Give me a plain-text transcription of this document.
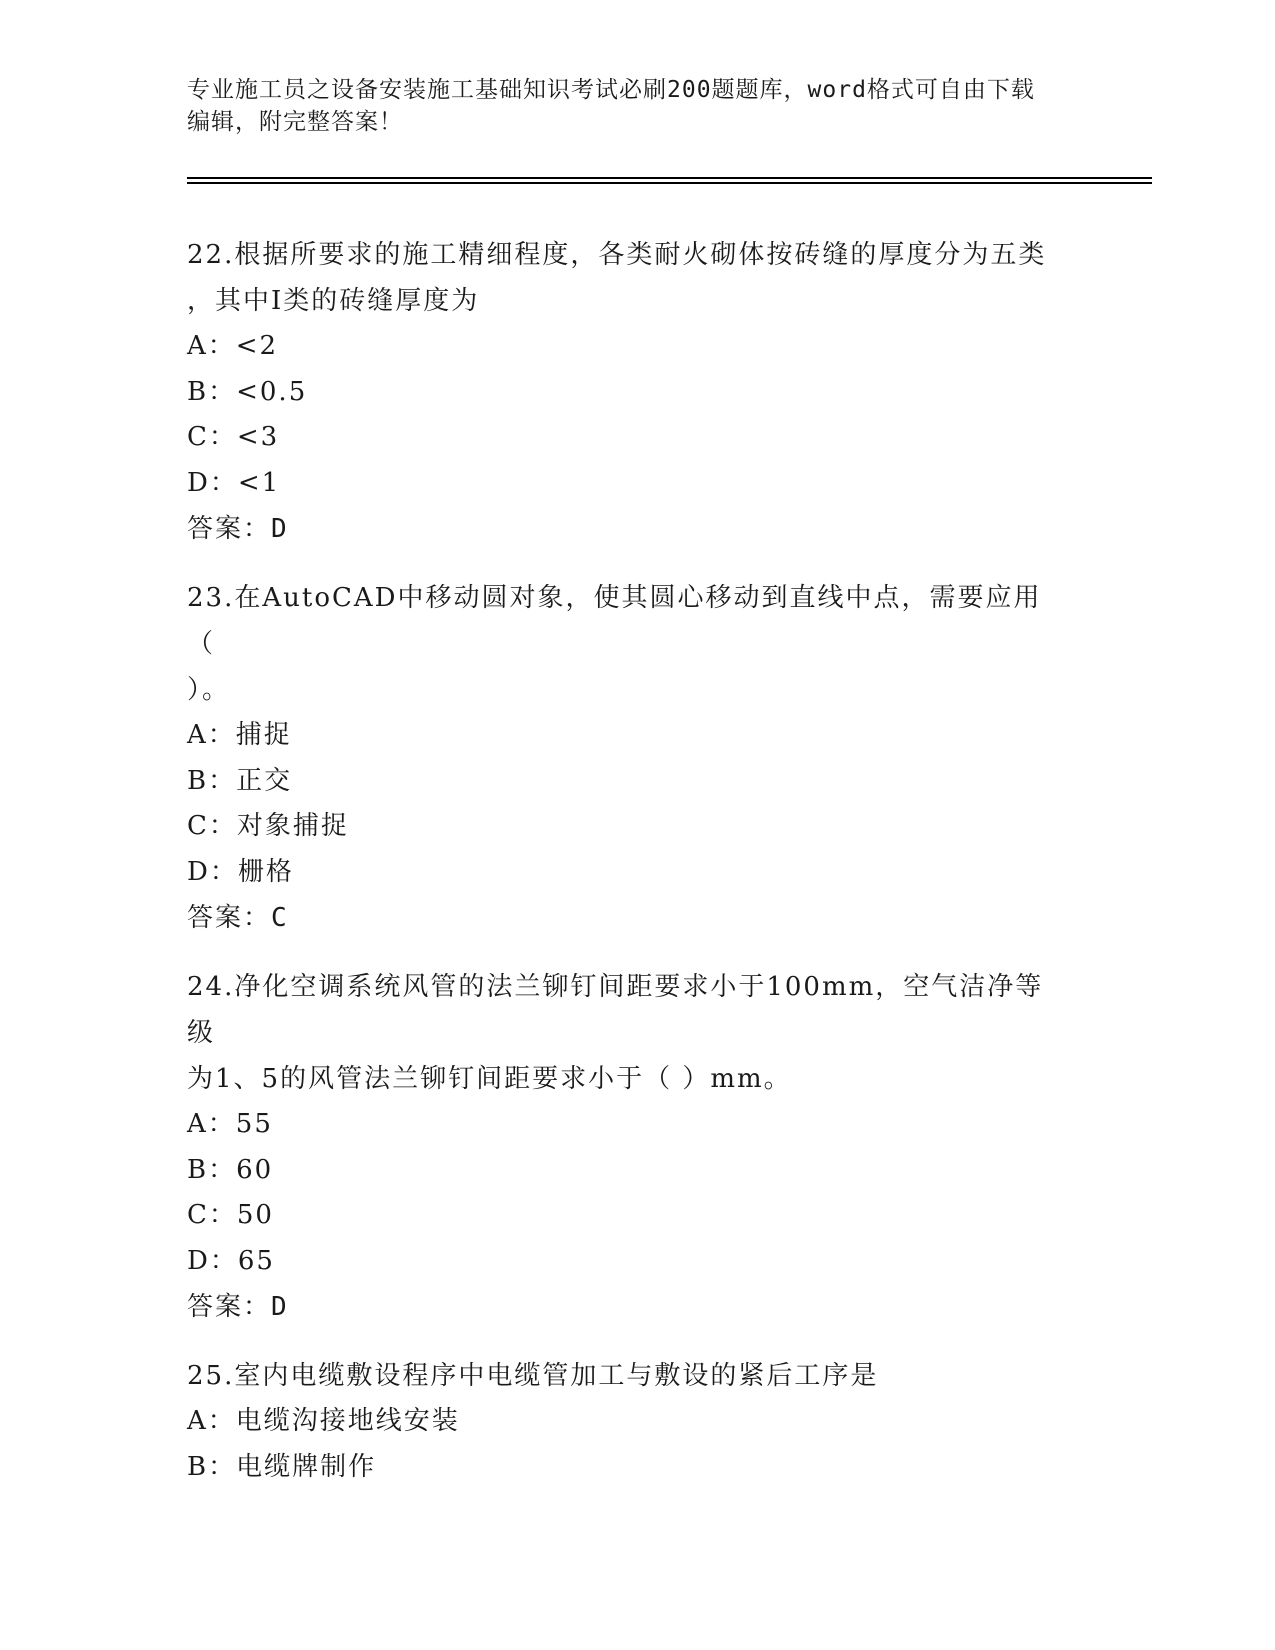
专业施工员之设备安装施工基础知识考试必刷200题题库，word格式可自由下载
编辑，附完整答案！
22.根据所要求的施工精细程度，各类耐火砌体按砖缝的厚度分为五类
，其中Ⅰ类的砖缝厚度为
A：<2
B：<0.5
C：<3
D：<1
答案：D
23.在AutoCAD中移动圆对象，使其圆心移动到直线中点，需要应用（
）。
A：捕捉
B：正交
C：对象捕捉
D：栅格
答案：C
24.净化空调系统风管的法兰铆钉间距要求小于100mm，空气洁净等级
为1、5的风管法兰铆钉间距要求小于（ ）mm。
A：55
B：60
C：50
D：65
答案：D
25.室内电缆敷设程序中电缆管加工与敷设的紧后工序是
A：电缆沟接地线安装
B：电缆牌制作
